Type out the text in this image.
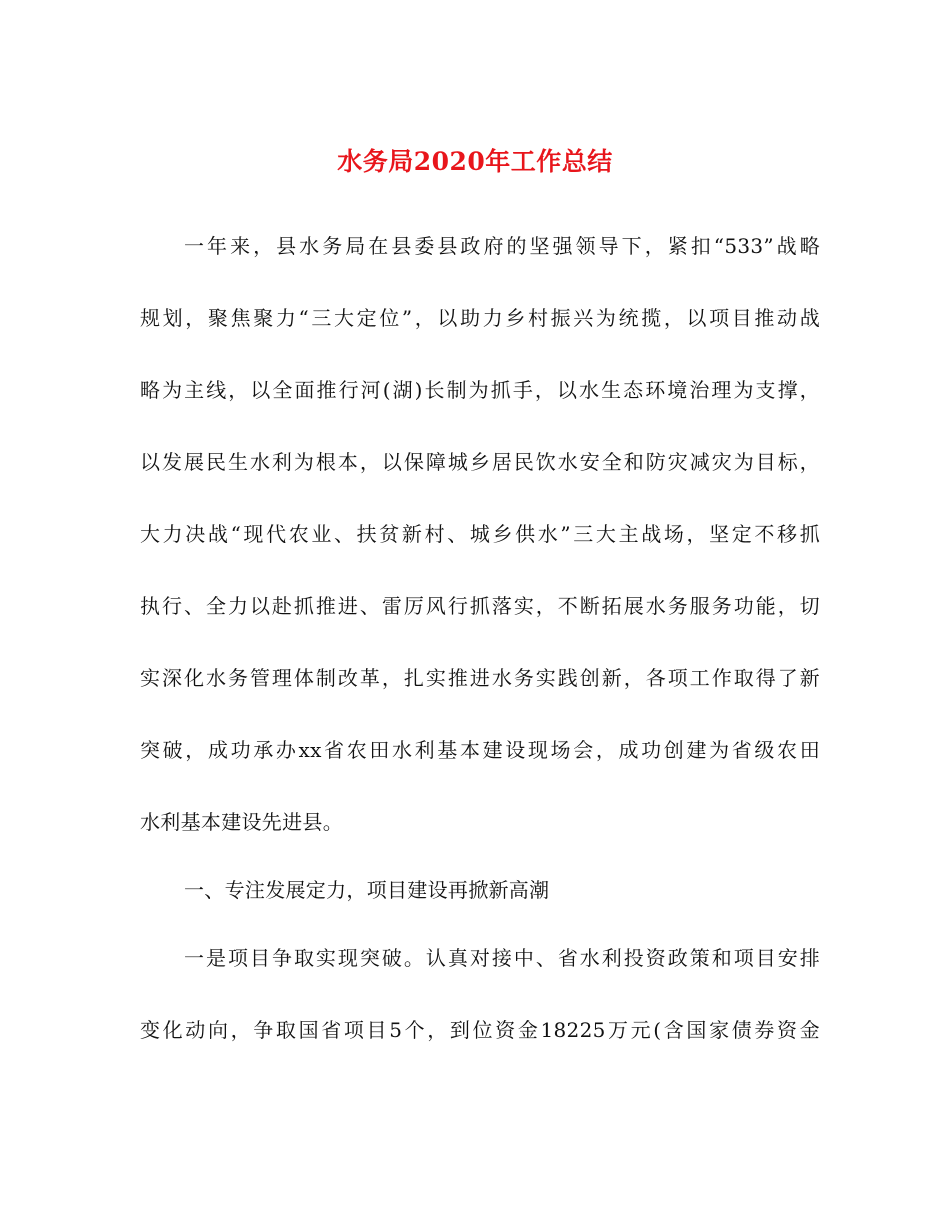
水务局2020年工作总结
一年来，县水务局在县委县政府的坚强领导下，紧扣“533”战略
规划，聚焦聚力“三大定位”，以助力乡村振兴为统揽，以项目推动战
略为主线，以全面推行河(湖)长制为抓手，以水生态环境治理为支撑，
以发展民生水利为根本，以保障城乡居民饮水安全和防灾减灾为目标，
大力决战“现代农业、扶贫新村、城乡供水”三大主战场，坚定不移抓
执行、全力以赴抓推进、雷厉风行抓落实，不断拓展水务服务功能，切
实深化水务管理体制改革，扎实推进水务实践创新，各项工作取得了新
突破，成功承办xx省农田水利基本建设现场会，成功创建为省级农田
水利基本建设先进县。
一、专注发展定力，项目建设再掀新高潮
一是项目争取实现突破。认真对接中、省水利投资政策和项目安排
变化动向，争取国省项目5个，到位资金18225万元(含国家债券资金
